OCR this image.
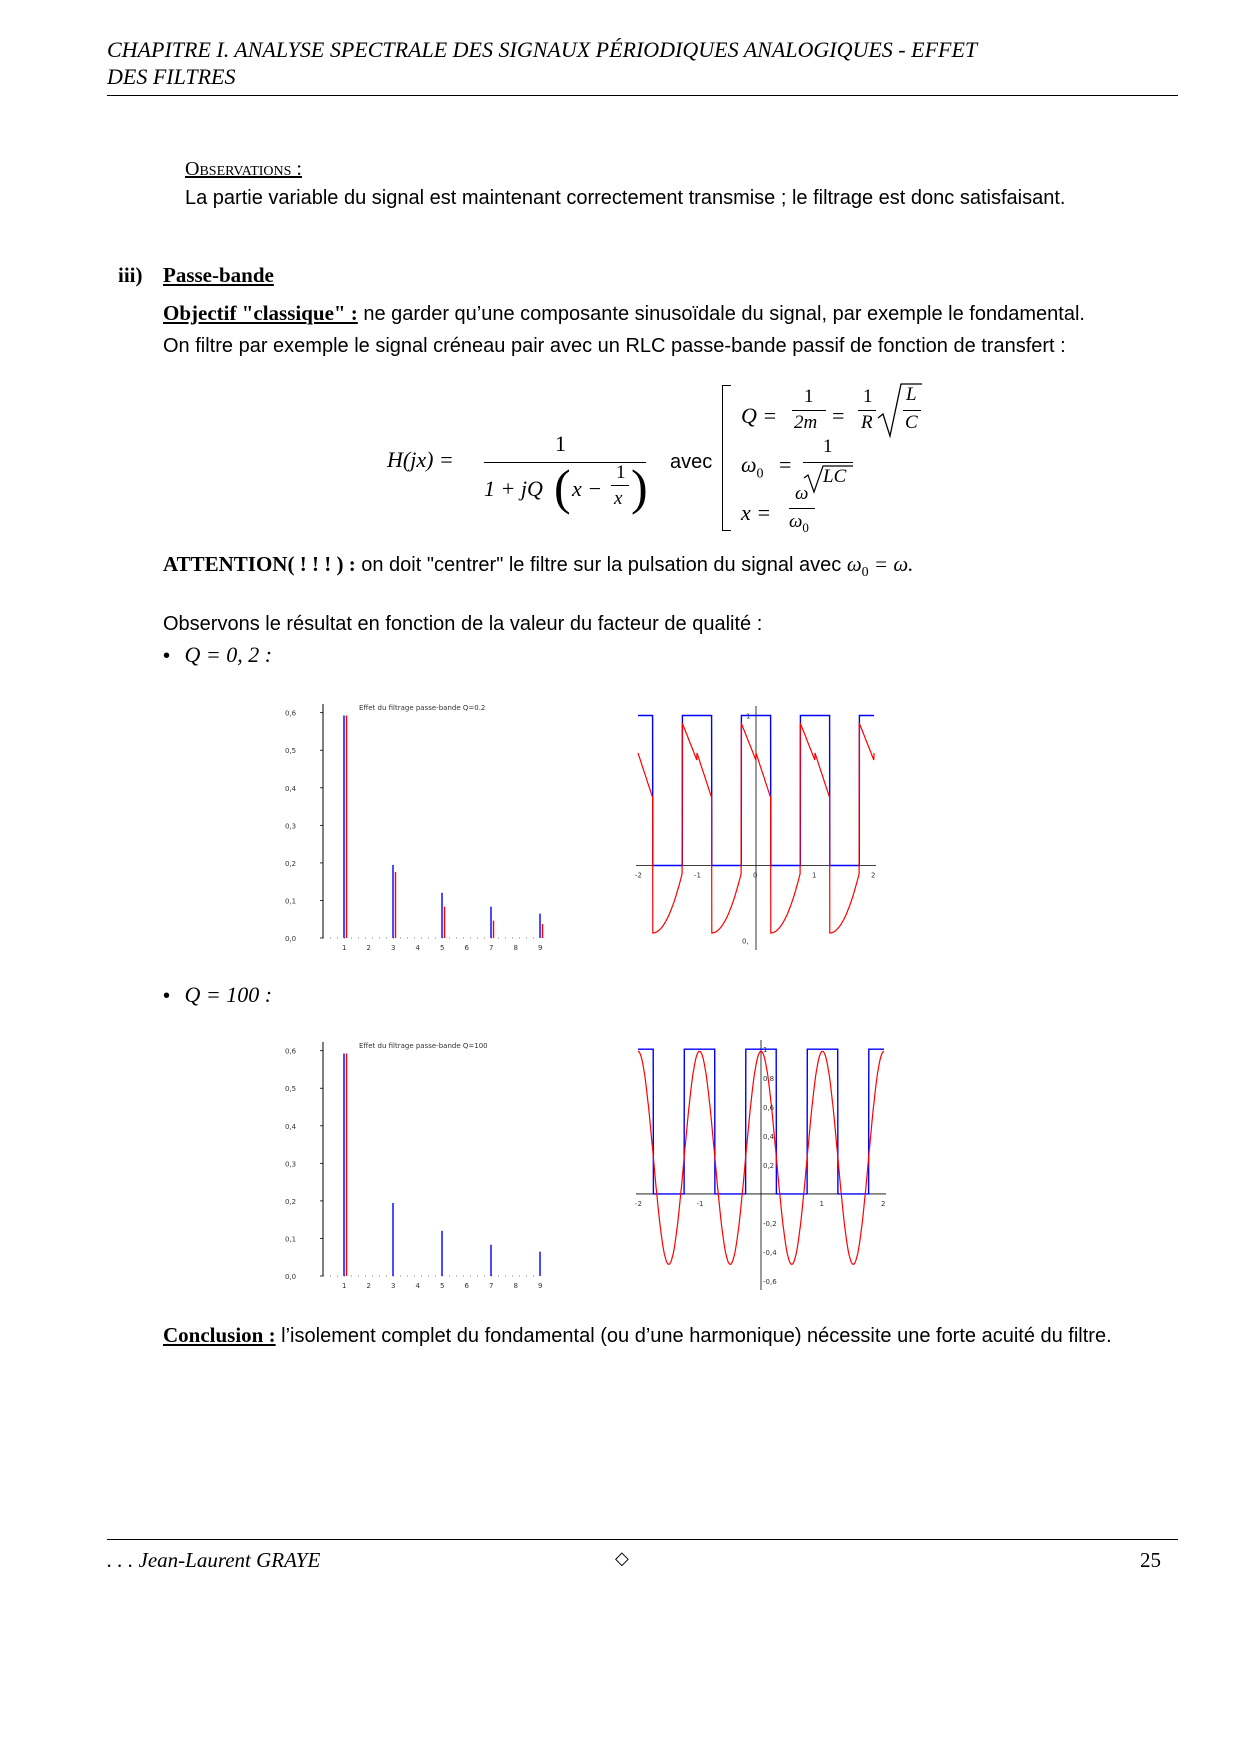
CHAPITRE I. ANALYSE SPECTRALE DES SIGNAUX PÉRIODIQUES ANALOGIQUES - EFFET
DES FILTRES
Observations :
La partie variable du signal est maintenant correctement transmise ; le filtrage est donc satisfaisant.
iii) Passe-bande
Objectif "classique" : ne garder qu’une composante sinusoïdale du signal, par exemple le fondamental.
On filtre par exemple le signal créneau pair avec un RLC passe-bande passif de fonction de transfert :
H(jx) =
1
1 + jQ ( x −
1
x ) avec
Q =
1
2m =
1
R
L
C
$\omega_0$ =
1
LC
x =
ω
$\omega_0$
ATTENTION( ! ! ! ) : on doit "centrer" le filtre sur la pulsation du signal avec $\omega_0 = \omega$.
Observons le résultat en fonction de la valeur du facteur de qualité :
• Q = 0, 2 :
Effet du filtrage passe-bande Q=0.2
0,0
0,1
0,2
0,3
0,4
0,5
0,6
1	2	3	4	5	6	7	8	9
-2	-1	0	1	2
0,
1
• Q = 100 :
Effet du filtrage passe-bande Q=100
0,0
0,1
0,2
0,3
0,4
0,5
0,6
1	2	3	4	5	6	7	8	9
-2	-1	1	2
1
0,8
0,6
0,4
0,2
-0,2
-0,4
-0,6
Conclusion : l’isolement complet du fondamental (ou d’une harmonique) nécessite une forte acuité du filtre.
. . . Jean-Laurent GRAYE	◇	25
